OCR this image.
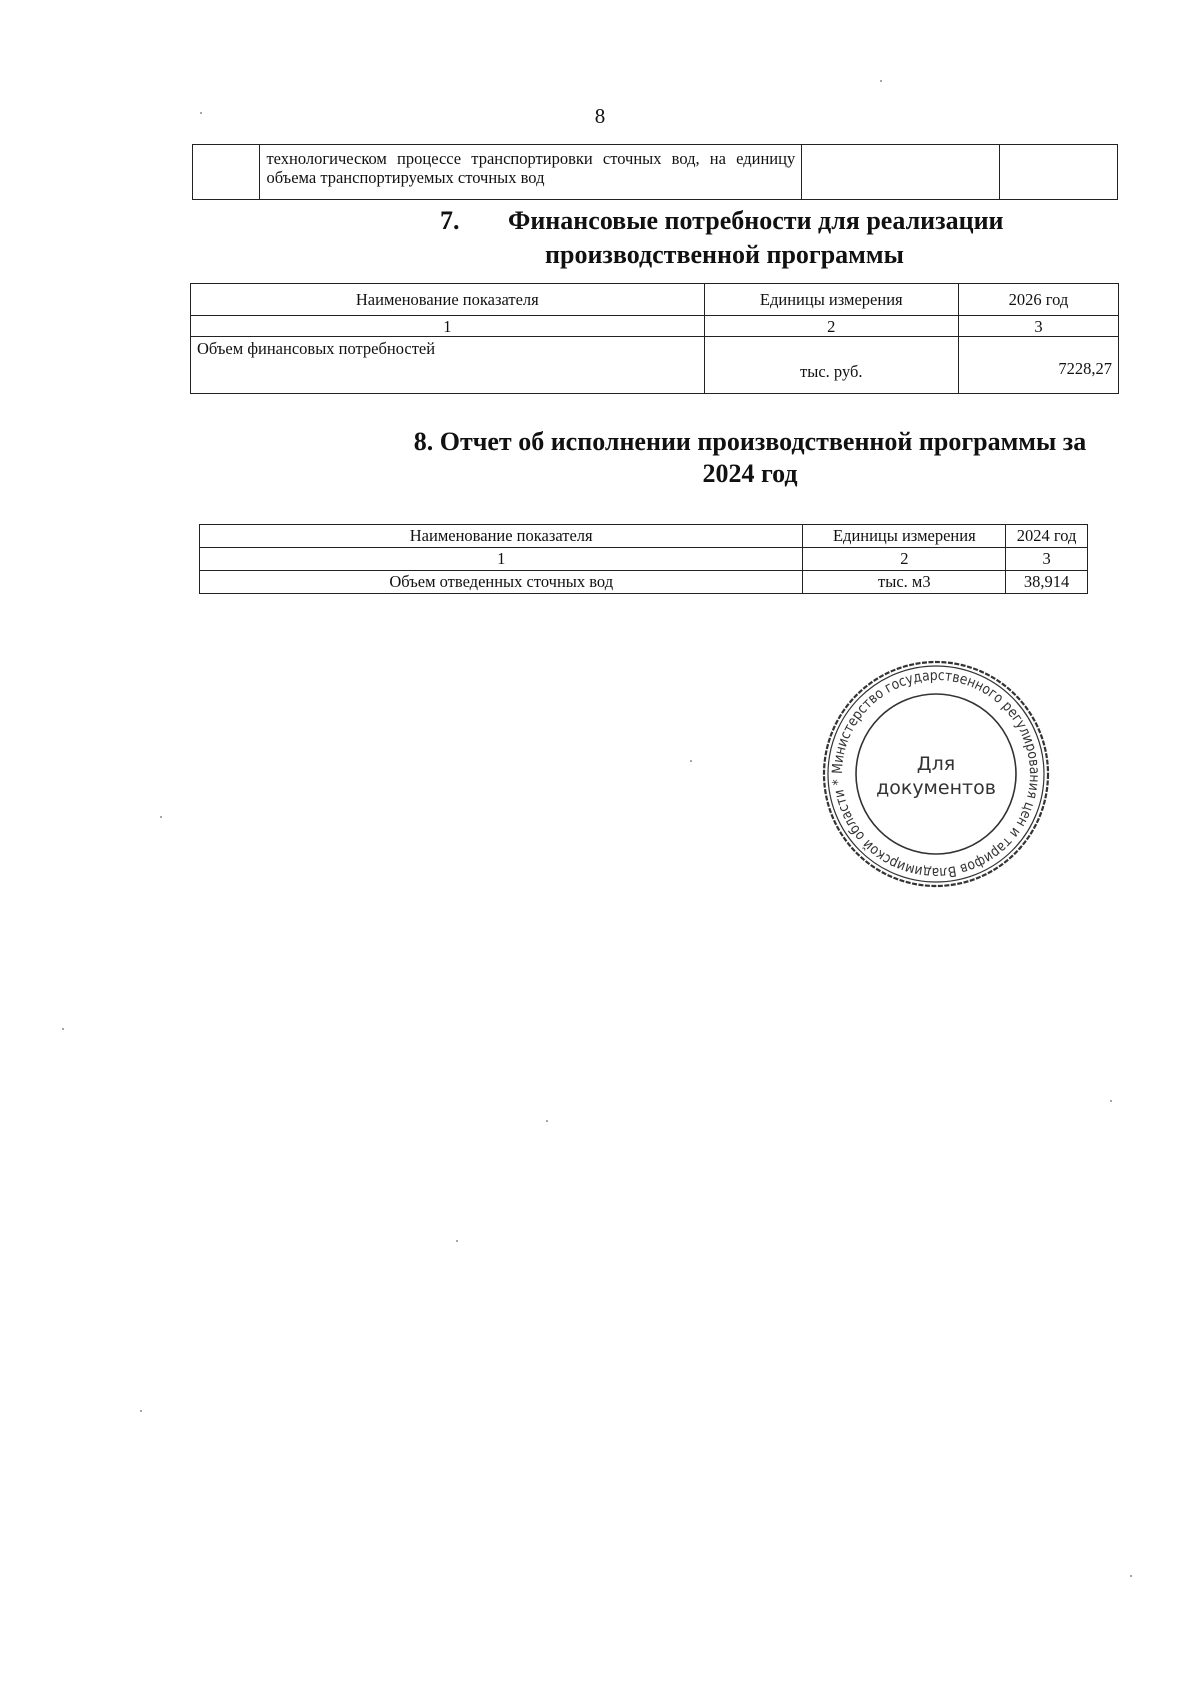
8
	технологическом процессе транспортировки сточных вод, на единицу объема транспортируемых сточных вод		
7. Финансовые потребности для реализации
производственной программы
Наименование показателя	Единицы измерения	2026 год
1	2	3
Объем финансовых потребностей	тыс. руб.	7228,27
8. Отчет об исполнении производственной программы за
2024 год
Наименование показателя	Единицы измерения	2024 год
1	2	3
Объем отведенных сточных вод	тыс. м3	38,914
Министерство государственного регулирования цен и тарифов Владимирской области *
Для
документов
